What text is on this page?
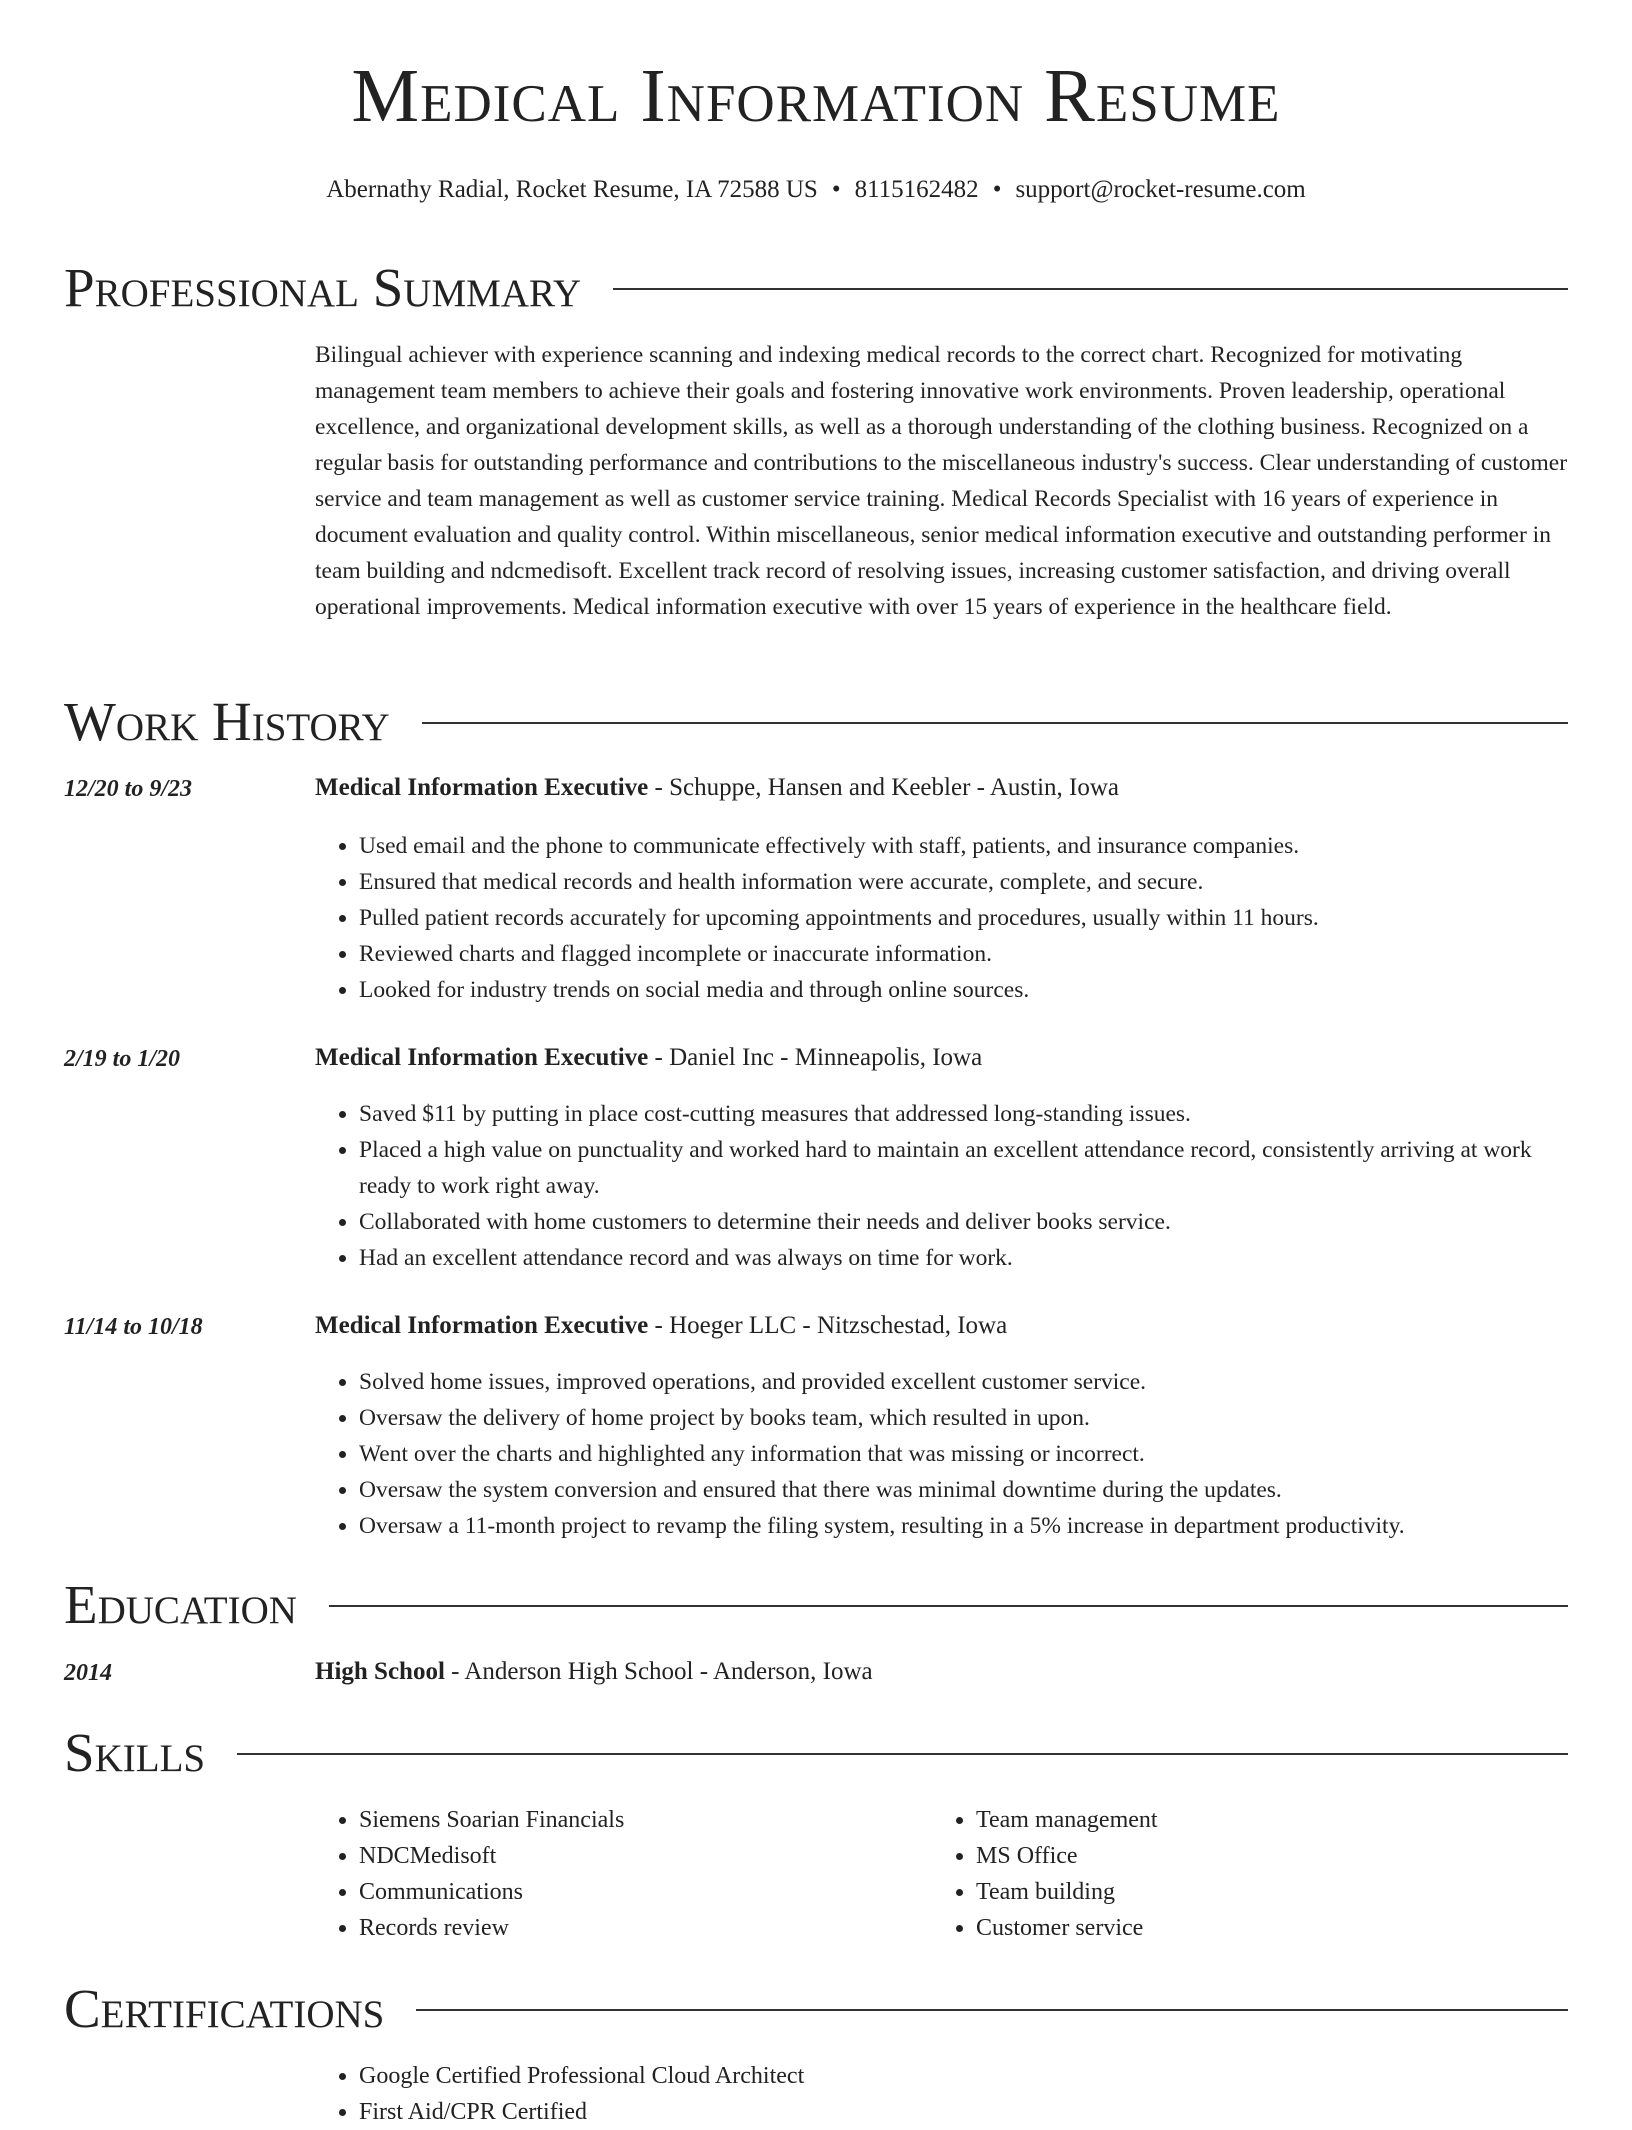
Medical Information Resume
Abernathy Radial, Rocket Resume, IA 72588 US • 8115162482 • support@rocket-resume.com
Professional Summary

Bilingual achiever with experience scanning and indexing medical records to the correct chart. Recognized for motivating management team members to achieve their goals and fostering innovative work environments. Proven leadership, operational excellence, and organizational development skills, as well as a thorough understanding of the clothing business. Recognized on a regular basis for outstanding performance and contributions to the miscellaneous industry's success. Clear understanding of customer service and team management as well as customer service training. Medical Records Specialist with 16 years of experience in document evaluation and quality control. Within miscellaneous, senior medical information executive and outstanding performer in team building and ndcmedisoft. Excellent track record of resolving issues, increasing customer satisfaction, and driving overall operational improvements. Medical information executive with over 15 years of experience in the healthcare field.

Work History
12/20 to 9/23	Medical Information Executive - Schuppe, Hansen and Keebler - Austin, Iowa
• Used email and the phone to communicate effectively with staff, patients, and insurance companies.
• Ensured that medical records and health information were accurate, complete, and secure.
• Pulled patient records accurately for upcoming appointments and procedures, usually within 11 hours.
• Reviewed charts and flagged incomplete or inaccurate information.
• Looked for industry trends on social media and through online sources.
2/19 to 1/20	Medical Information Executive - Daniel Inc - Minneapolis, Iowa
• Saved $11 by putting in place cost-cutting measures that addressed long-standing issues.
• Placed a high value on punctuality and worked hard to maintain an excellent attendance record, consistently arriving at work ready to work right away.
• Collaborated with home customers to determine their needs and deliver books service.
• Had an excellent attendance record and was always on time for work.
11/14 to 10/18	Medical Information Executive - Hoeger LLC - Nitzschestad, Iowa
• Solved home issues, improved operations, and provided excellent customer service.
• Oversaw the delivery of home project by books team, which resulted in upon.
• Went over the charts and highlighted any information that was missing or incorrect.
• Oversaw the system conversion and ensured that there was minimal downtime during the updates.
• Oversaw a 11-month project to revamp the filing system, resulting in a 5% increase in department productivity.
Education
2014	High School - Anderson High School - Anderson, Iowa
Skills
• Siemens Soarian Financials
• NDCMedisoft
• Communications
• Records review
• Team management
• MS Office
• Team building
• Customer service
Certifications
• Google Certified Professional Cloud Architect
• First Aid/CPR Certified
